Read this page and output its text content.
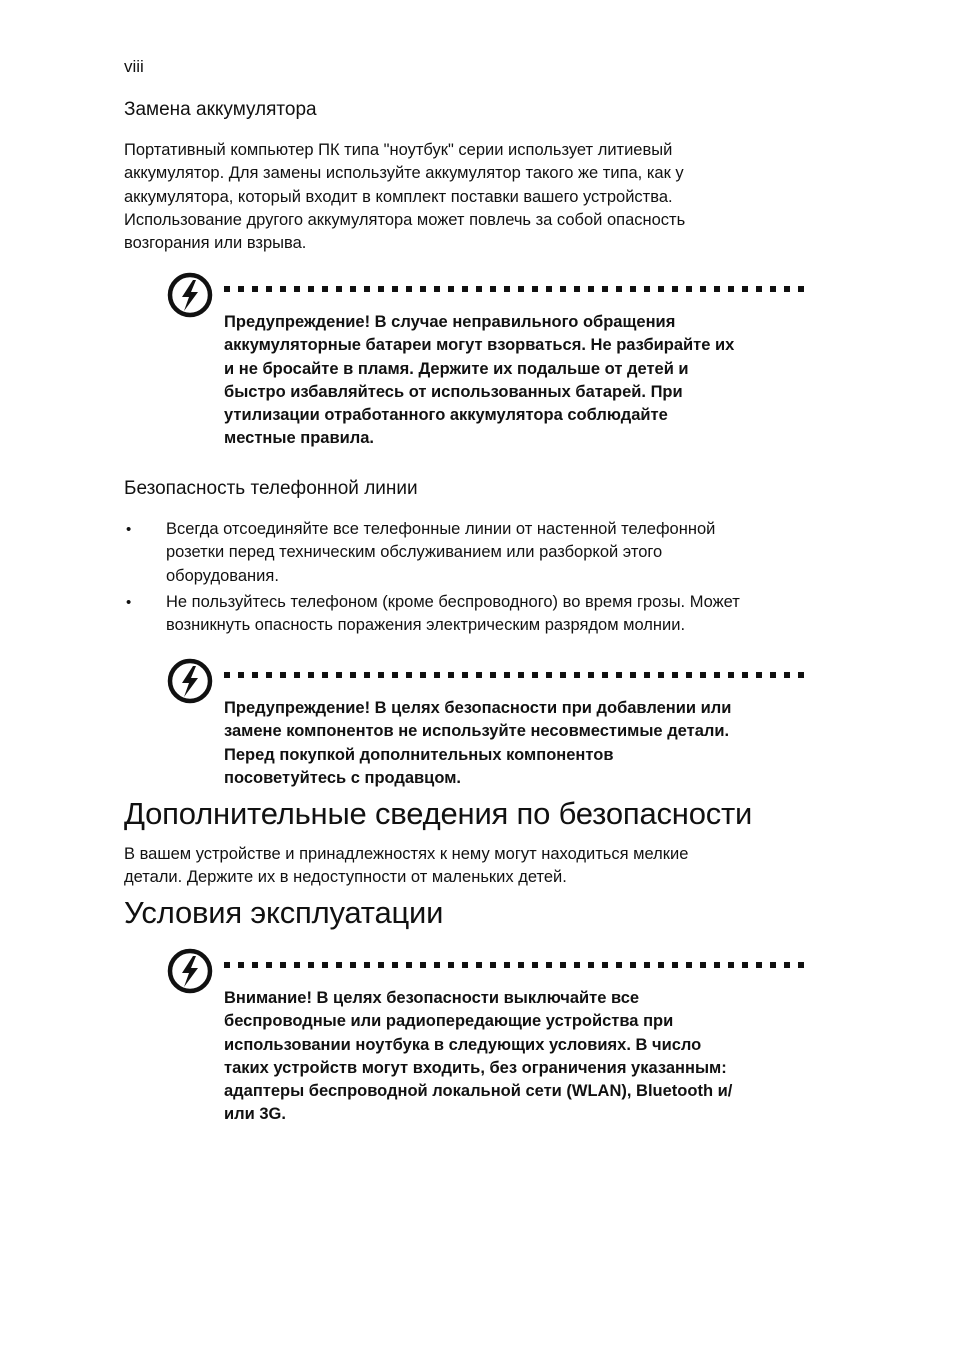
viii
Замена аккумулятора

Портативный компьютер ПК типа "ноутбук" серии использует литиевый
аккумулятор. Для замены используйте аккумулятор такого же типа, как у
аккумулятора, который входит в комплект поставки вашего устройства.
Использование другого аккумулятора может повлечь за собой опасность
возгорания или взрыва.

Предупреждение! В случае неправильного обращения
аккумуляторные батареи могут взорваться. Не разбирайте их
и не бросайте в пламя. Держите их подальше от детей и
быстро избавляйтесь от использованных батарей. При
утилизации отработанного аккумулятора соблюдайте
местные правила.

Безопасность телефонной линии
• Всегда отсоединяйте все телефонные линии от настенной телефонной
розетки перед техническим обслуживанием или разборкой этого
оборудования.
• Не пользуйтесь телефоном (кроме беспроводного) во время грозы. Может
возникнуть опасность поражения электрическим разрядом молнии.

Предупреждение! В целях безопасности при добавлении или
замене компонентов не используйте несовместимые детали.
Перед покупкой дополнительных компонентов
посоветуйтесь с продавцом.

Дополнительные сведения по безопасности

В вашем устройстве и принадлежностях к нему могут находиться мелкие
детали. Держите их в недоступности от маленьких детей.

Условия эксплуатации

Внимание! В целях безопасности выключайте все
беспроводные или радиопередающие устройства при
использовании ноутбука в следующих условиях. В число
таких устройств могут входить, без ограничения указанным:
адаптеры беспроводной локальной сети (WLAN), Bluetooth и/
или 3G.
